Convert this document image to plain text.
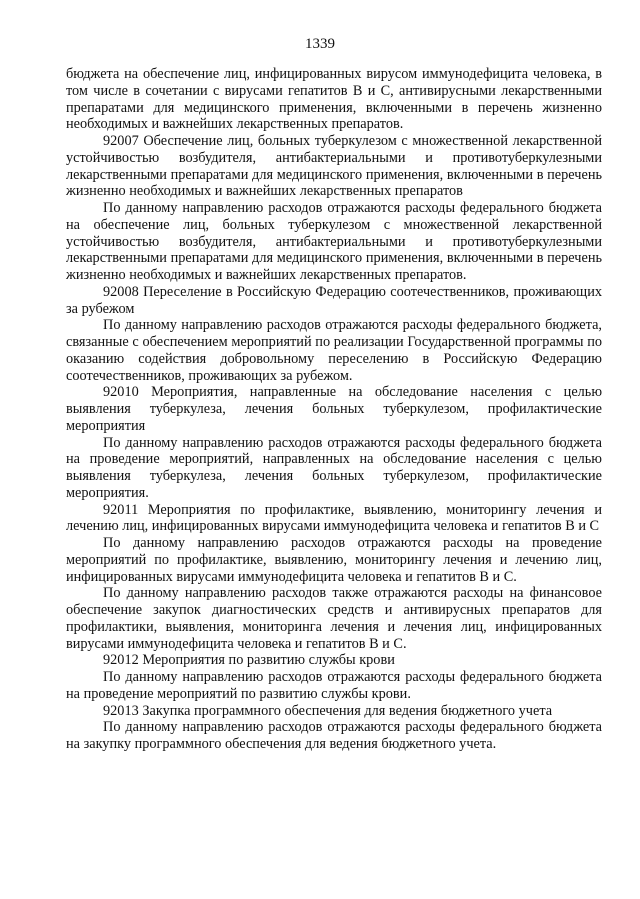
1339

бюджета на обеспечение лиц, инфицированных вирусом иммунодефицита человека, в том числе в сочетании с вирусами гепатитов B и C, антивирусными лекарственными препаратами для медицинского применения, включенными в перечень жизненно необходимых и важнейших лекарственных препаратов.

92007 Обеспечение лиц, больных туберкулезом с множественной лекарственной устойчивостью возбудителя, антибактериальными и противотуберкулезными лекарственными препаратами для медицинского применения, включенными в перечень жизненно необходимых и важнейших лекарственных препаратов

По данному направлению расходов отражаются расходы федерального бюджета на обеспечение лиц, больных туберкулезом с множественной лекарственной устойчивостью возбудителя, антибактериальными и противотуберкулезными лекарственными препаратами для медицинского применения, включенными в перечень жизненно необходимых и важнейших лекарственных препаратов.

92008 Переселение в Российскую Федерацию соотечественников, проживающих за рубежом

По данному направлению расходов отражаются расходы федерального бюджета, связанные с обеспечением мероприятий по реализации Государственной программы по оказанию содействия добровольному переселению в Российскую Федерацию соотечественников, проживающих за рубежом.

92010 Мероприятия, направленные на обследование населения с целью выявления туберкулеза, лечения больных туберкулезом, профилактические мероприятия

По данному направлению расходов отражаются расходы федерального бюджета на проведение мероприятий, направленных на обследование населения с целью выявления туберкулеза, лечения больных туберкулезом, профилактические мероприятия.

92011 Мероприятия по профилактике, выявлению, мониторингу лечения и лечению лиц, инфицированных вирусами иммунодефицита человека и гепатитов B и C

По данному направлению расходов отражаются расходы на проведение мероприятий по профилактике, выявлению, мониторингу лечения и лечению лиц, инфицированных вирусами иммунодефицита человека и гепатитов B и C.

По данному направлению расходов также отражаются расходы на финансовое обеспечение закупок диагностических средств и антивирусных препаратов для профилактики, выявления, мониторинга лечения и лечения лиц, инфицированных вирусами иммунодефицита человека и гепатитов B и C.

92012 Мероприятия по развитию службы крови

По данному направлению расходов отражаются расходы федерального бюджета на проведение мероприятий по развитию службы крови.

92013 Закупка программного обеспечения для ведения бюджетного учета

По данному направлению расходов отражаются расходы федерального бюджета на закупку программного обеспечения для ведения бюджетного учета.
